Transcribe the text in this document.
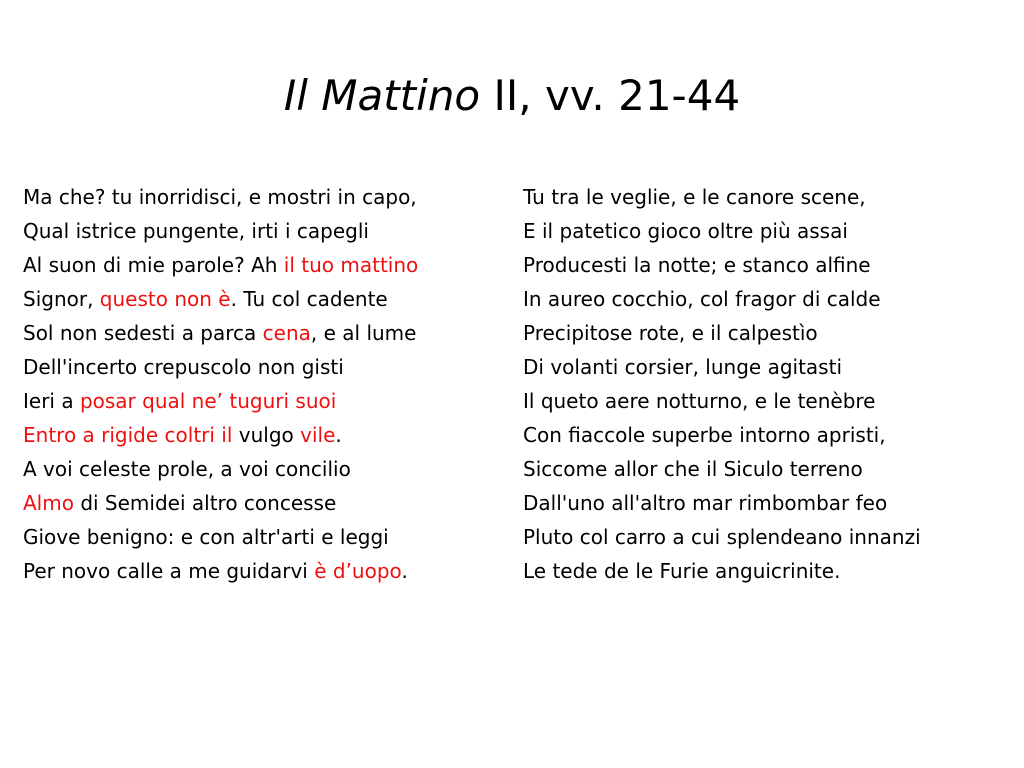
Il Mattino II, vv. 21-44
Ma che? tu inorridisci, e mostri in capo,
Qual istrice pungente, irti i capegli
Al suon di mie parole? Ah il tuo mattino
Signor, questo non è. Tu col cadente
Sol non sedesti a parca cena, e al lume
Dell'incerto crepuscolo non gisti
Ieri a posar qual ne’ tuguri suoi
Entro a rigide coltri il vulgo vile.
A voi celeste prole, a voi concilio
Almo di Semidei altro concesse
Giove benigno: e con altr'arti e leggi
Per novo calle a me guidarvi è d’uopo.
Tu tra le veglie, e le canore scene,
E il patetico gioco oltre più assai
Producesti la notte; e stanco alfine
In aureo cocchio, col fragor di calde
Precipitose rote, e il calpestìo
Di volanti corsier, lunge agitasti
Il queto aere notturno, e le tenèbre
Con fiaccole superbe intorno apristi,
Siccome allor che il Siculo terreno
Dall'uno all'altro mar rimbombar feo
Pluto col carro a cui splendeano innanzi
Le tede de le Furie anguicrinite.
